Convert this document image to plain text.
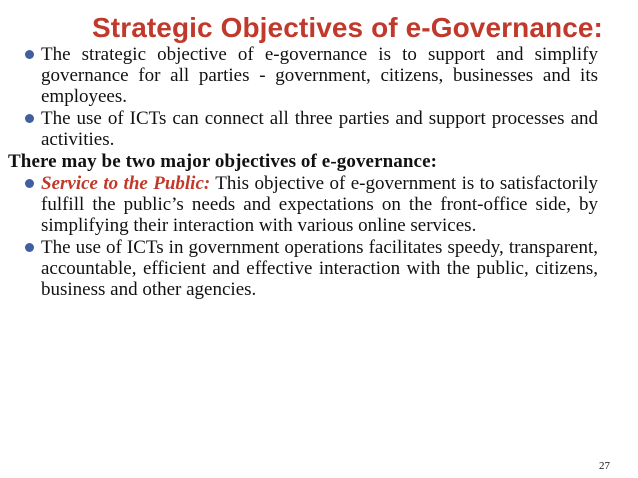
Strategic Objectives of e-Governance:
The strategic objective of e-governance is to support and simplify governance for all parties - government, citizens, businesses and its employees.
The use of ICTs can connect all three parties and support processes and activities.
There may be two major objectives of e-governance:
Service to the Public: This objective of e-government is to satisfactorily fulfill the public’s needs and expectations on the front-office side, by simplifying their interaction with various online services.
The use of ICTs in government operations facilitates speedy, transparent, accountable, efficient and effective interaction with the public, citizens, business and other agencies.
27
